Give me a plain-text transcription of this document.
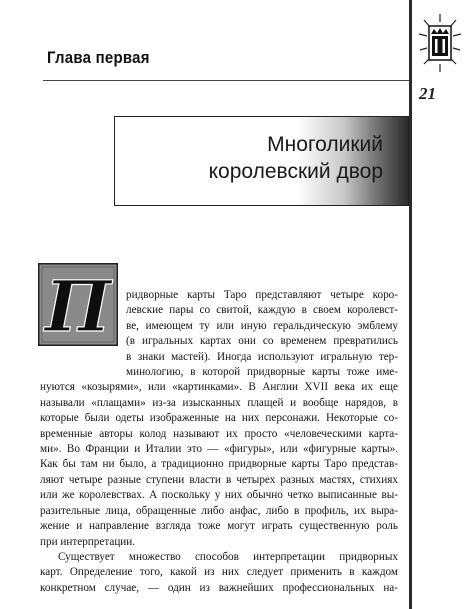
21
Глава первая
Многоликий
королевский двор
П	ридворные карты Таро представляют четыре коро-
левские пары со свитой, каждую в своем королевст-
ве, имеющем ту или иную геральдическую эмблему
(в игральных картах они со временем превратились
в знаки мастей). Иногда используют игральную тер-
минологию, в которой придворные карты тоже име-
нуются «козырями», или «картинками». В Англии XVII века их еще
называли «плащами» из-за изысканных плащей и вообще нарядов, в
которые были одеты изображенные на них персонажи. Некоторые со-
временные авторы колод называют их просто «человеческими карта-
ми». Во Франции и Италии это — «фигуры», или «фигурные карты».
Как бы там ни было, а традиционно придворные карты Таро представ-
ляют четыре разные ступени власти в четырех разных мастях, стихиях
или же королевствах. А поскольку у них обычно четко выписанные вы-
разительные лица, обращенные либо анфас, либо в профиль, их выра-
жение и направление взгляда тоже могут играть существенную роль
при интерпретации.
Существует множество способов интерпретации придворных
карт. Определение того, какой из них следует применить в каждом
конкретном случае, — один из важнейших профессиональных на-
